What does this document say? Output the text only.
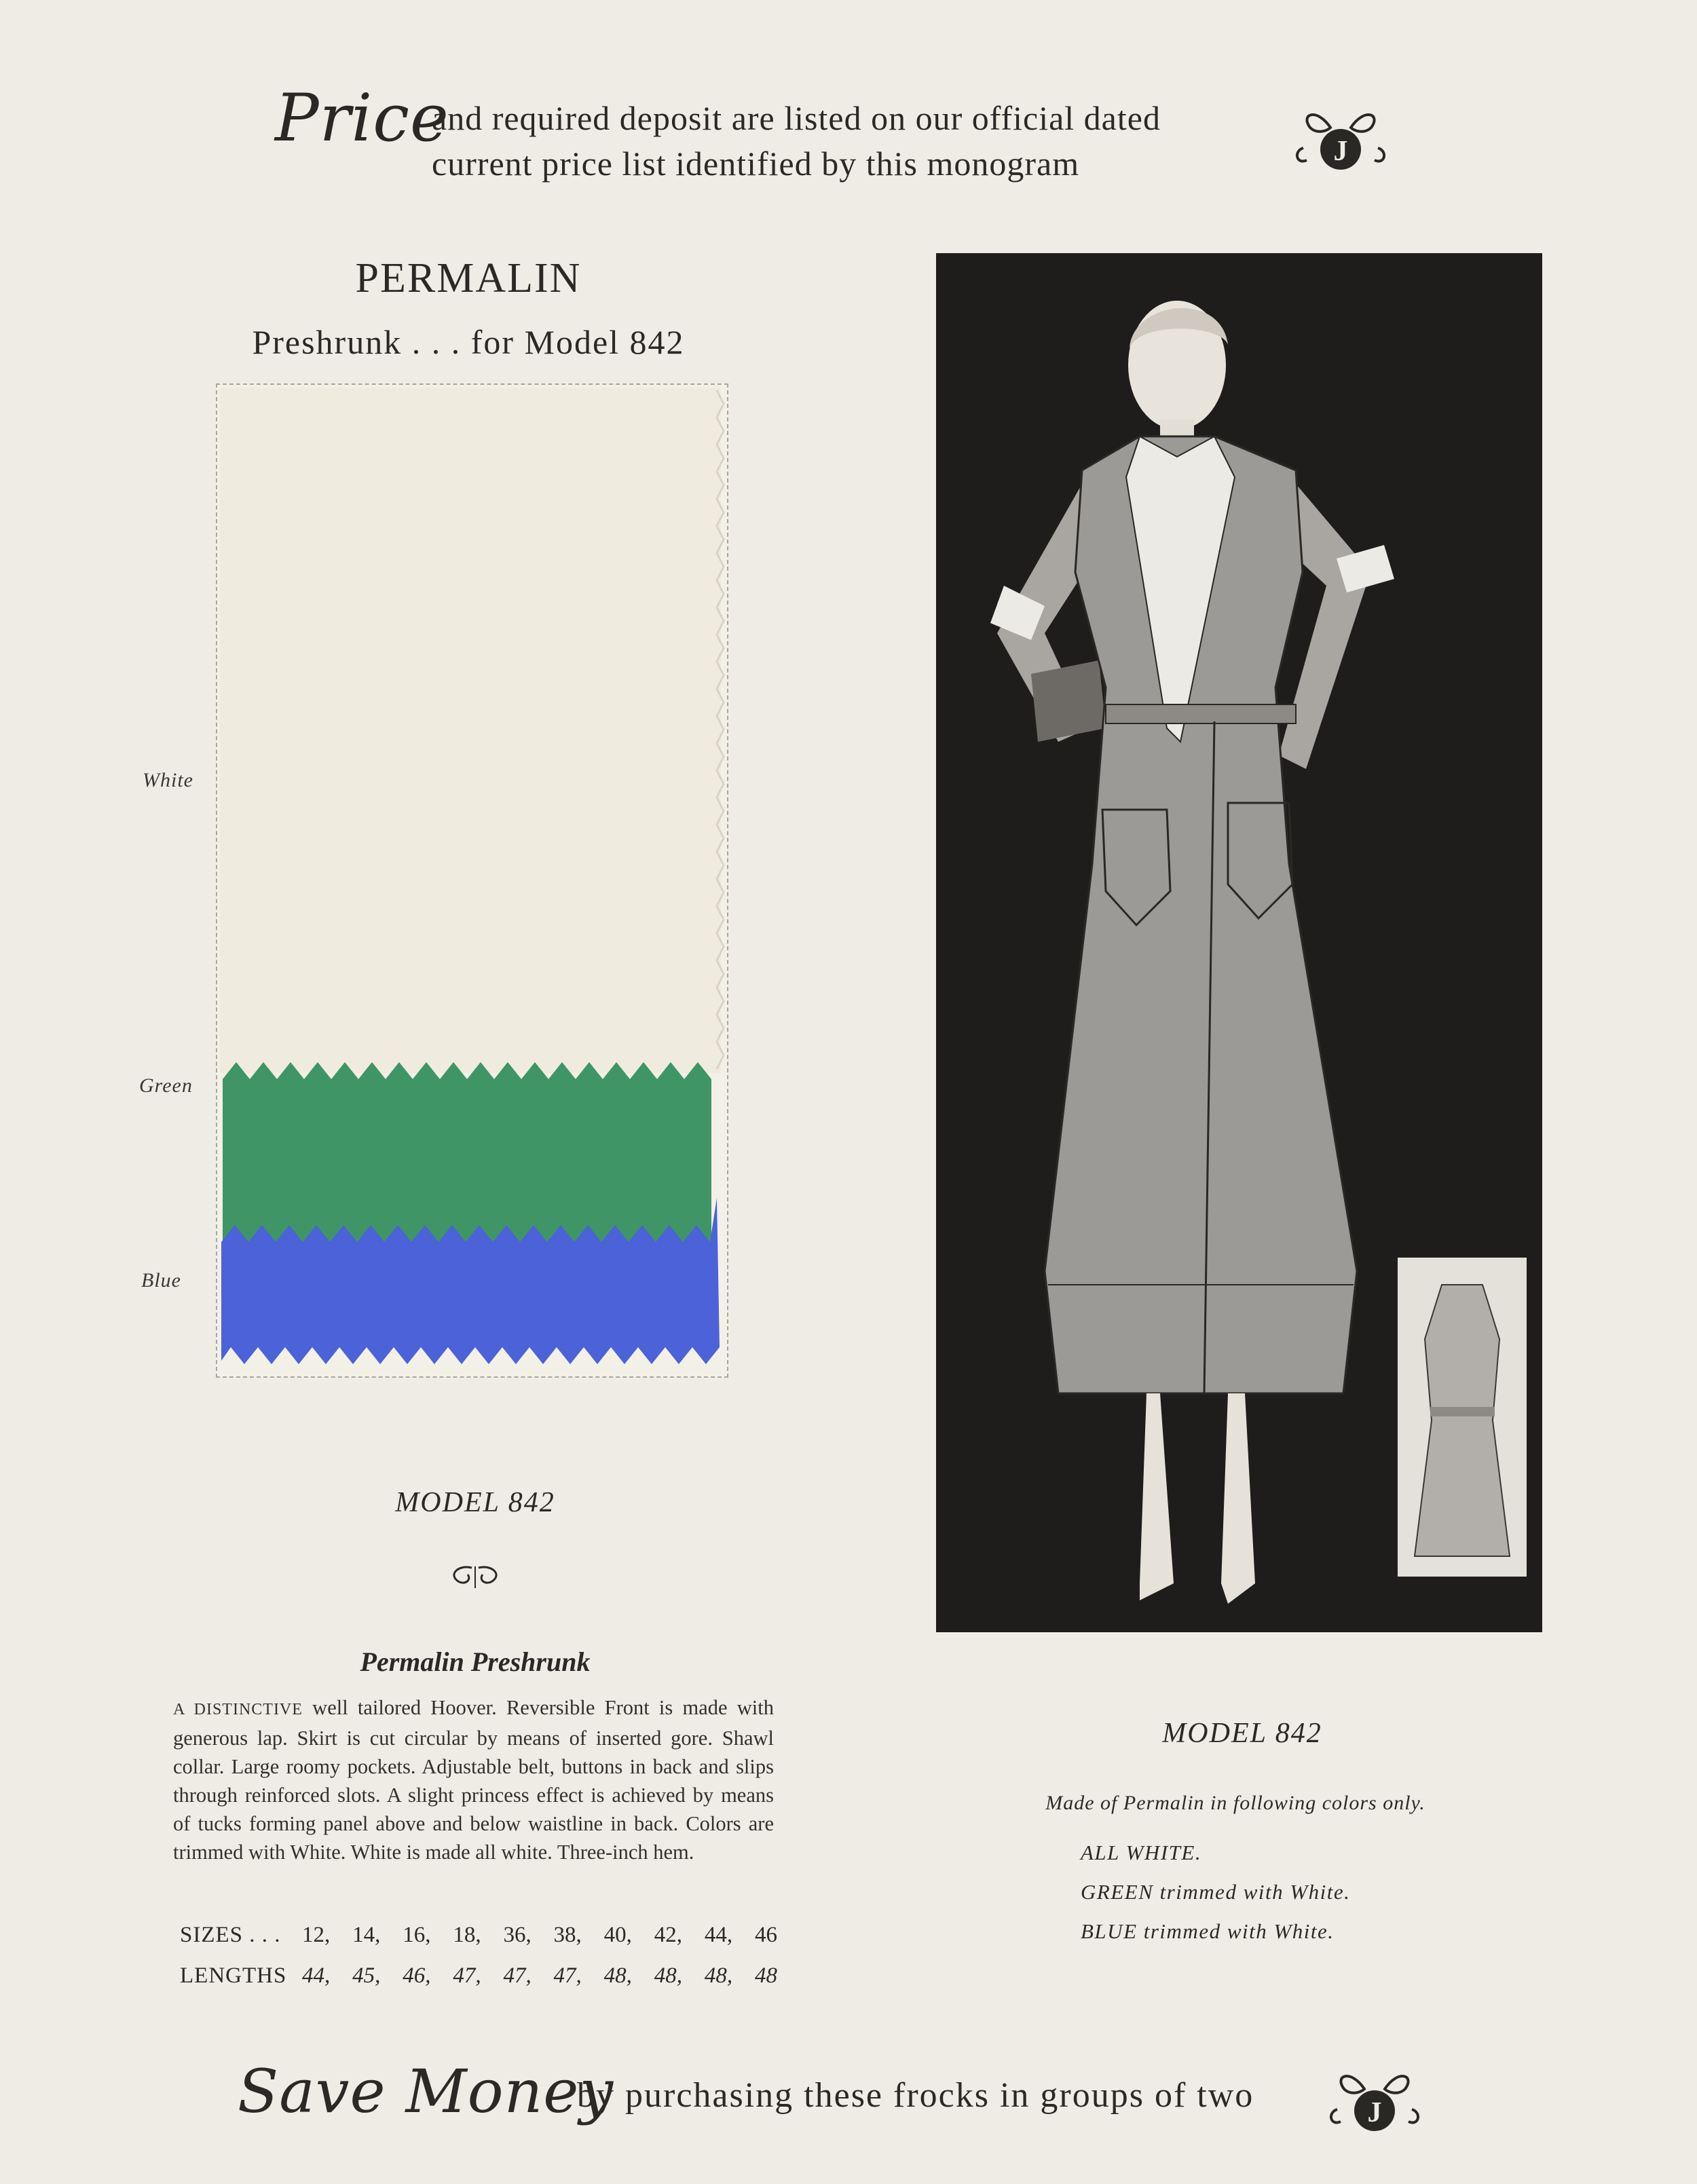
Price
and required deposit are listed on our official dated
current price list identified by this monogram	J
PERMALIN
Preshrunk . . . for Model 842
White
Green
Blue
MODEL 842
Permalin Preshrunk
A DISTINCTIVE well tailored Hoover. Reversible Front is made with generous lap. Skirt is cut circular by means of inserted gore. Shawl collar. Large roomy pockets. Adjustable belt, buttons in back and slips through reinforced slots. A slight princess effect is achieved by means of tucks forming panel above and below waistline in back. Colors are trimmed with White. White is made all white. Three-inch hem.
SIZES . . . 12, 14, 16, 18, 36, 38, 40, 42, 44, 46
LENGTHS 44, 45, 46, 47, 47, 47, 48, 48, 48, 48
MODEL 842
Made of Permalin in following colors only.
ALL WHITE.
GREEN trimmed with White.
BLUE trimmed with White.
Save Money
by purchasing these frocks in groups of two	J
